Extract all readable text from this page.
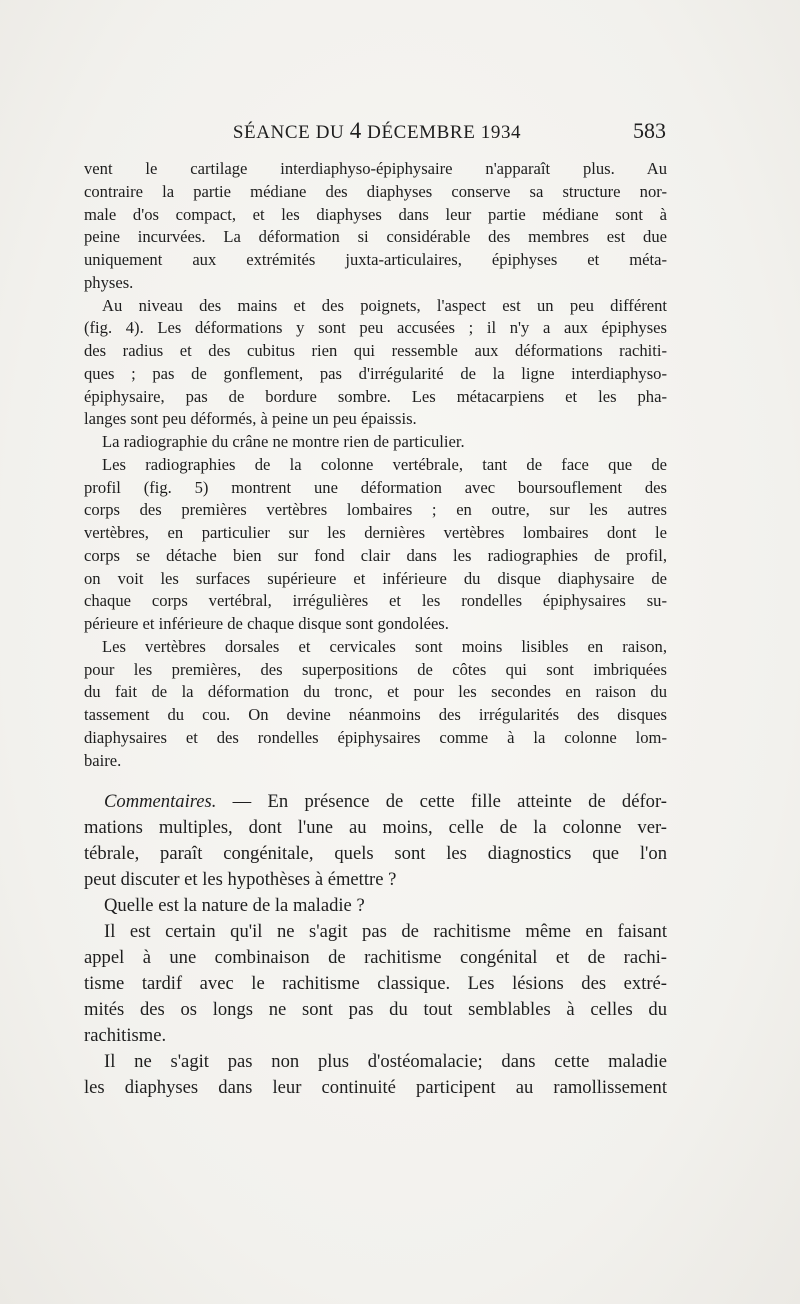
SÉANCE DU 4 DÉCEMBRE 1934	583
vent le cartilage interdiaphyso-épiphysaire n'apparaît plus. Au
contraire la partie médiane des diaphyses conserve sa structure nor-
male d'os compact, et les diaphyses dans leur partie médiane sont à
peine incurvées. La déformation si considérable des membres est due
uniquement aux extrémités juxta-articulaires, épiphyses et méta-
physes.
Au niveau des mains et des poignets, l'aspect est un peu différent
(fig. 4). Les déformations y sont peu accusées ; il n'y a aux épiphyses
des radius et des cubitus rien qui ressemble aux déformations rachiti-
ques ; pas de gonflement, pas d'irrégularité de la ligne interdiaphyso-
épiphysaire, pas de bordure sombre. Les métacarpiens et les pha-
langes sont peu déformés, à peine un peu épaissis.
La radiographie du crâne ne montre rien de particulier.
Les radiographies de la colonne vertébrale, tant de face que de
profil (fig. 5) montrent une déformation avec boursouflement des
corps des premières vertèbres lombaires ; en outre, sur les autres
vertèbres, en particulier sur les dernières vertèbres lombaires dont le
corps se détache bien sur fond clair dans les radiographies de profil,
on voit les surfaces supérieure et inférieure du disque diaphysaire de
chaque corps vertébral, irrégulières et les rondelles épiphysaires su-
périeure et inférieure de chaque disque sont gondolées.
Les vertèbres dorsales et cervicales sont moins lisibles en raison,
pour les premières, des superpositions de côtes qui sont imbriquées
du fait de la déformation du tronc, et pour les secondes en raison du
tassement du cou. On devine néanmoins des irrégularités des disques
diaphysaires et des rondelles épiphysaires comme à la colonne lom-
baire.
Commentaires. — En présence de cette fille atteinte de défor-
mations multiples, dont l'une au moins, celle de la colonne ver-
tébrale, paraît congénitale, quels sont les diagnostics que l'on
peut discuter et les hypothèses à émettre ?
Quelle est la nature de la maladie ?
Il est certain qu'il ne s'agit pas de rachitisme même en faisant
appel à une combinaison de rachitisme congénital et de rachi-
tisme tardif avec le rachitisme classique. Les lésions des extré-
mités des os longs ne sont pas du tout semblables à celles du
rachitisme.
Il ne s'agit pas non plus d'ostéomalacie; dans cette maladie
les diaphyses dans leur continuité participent au ramollissement
